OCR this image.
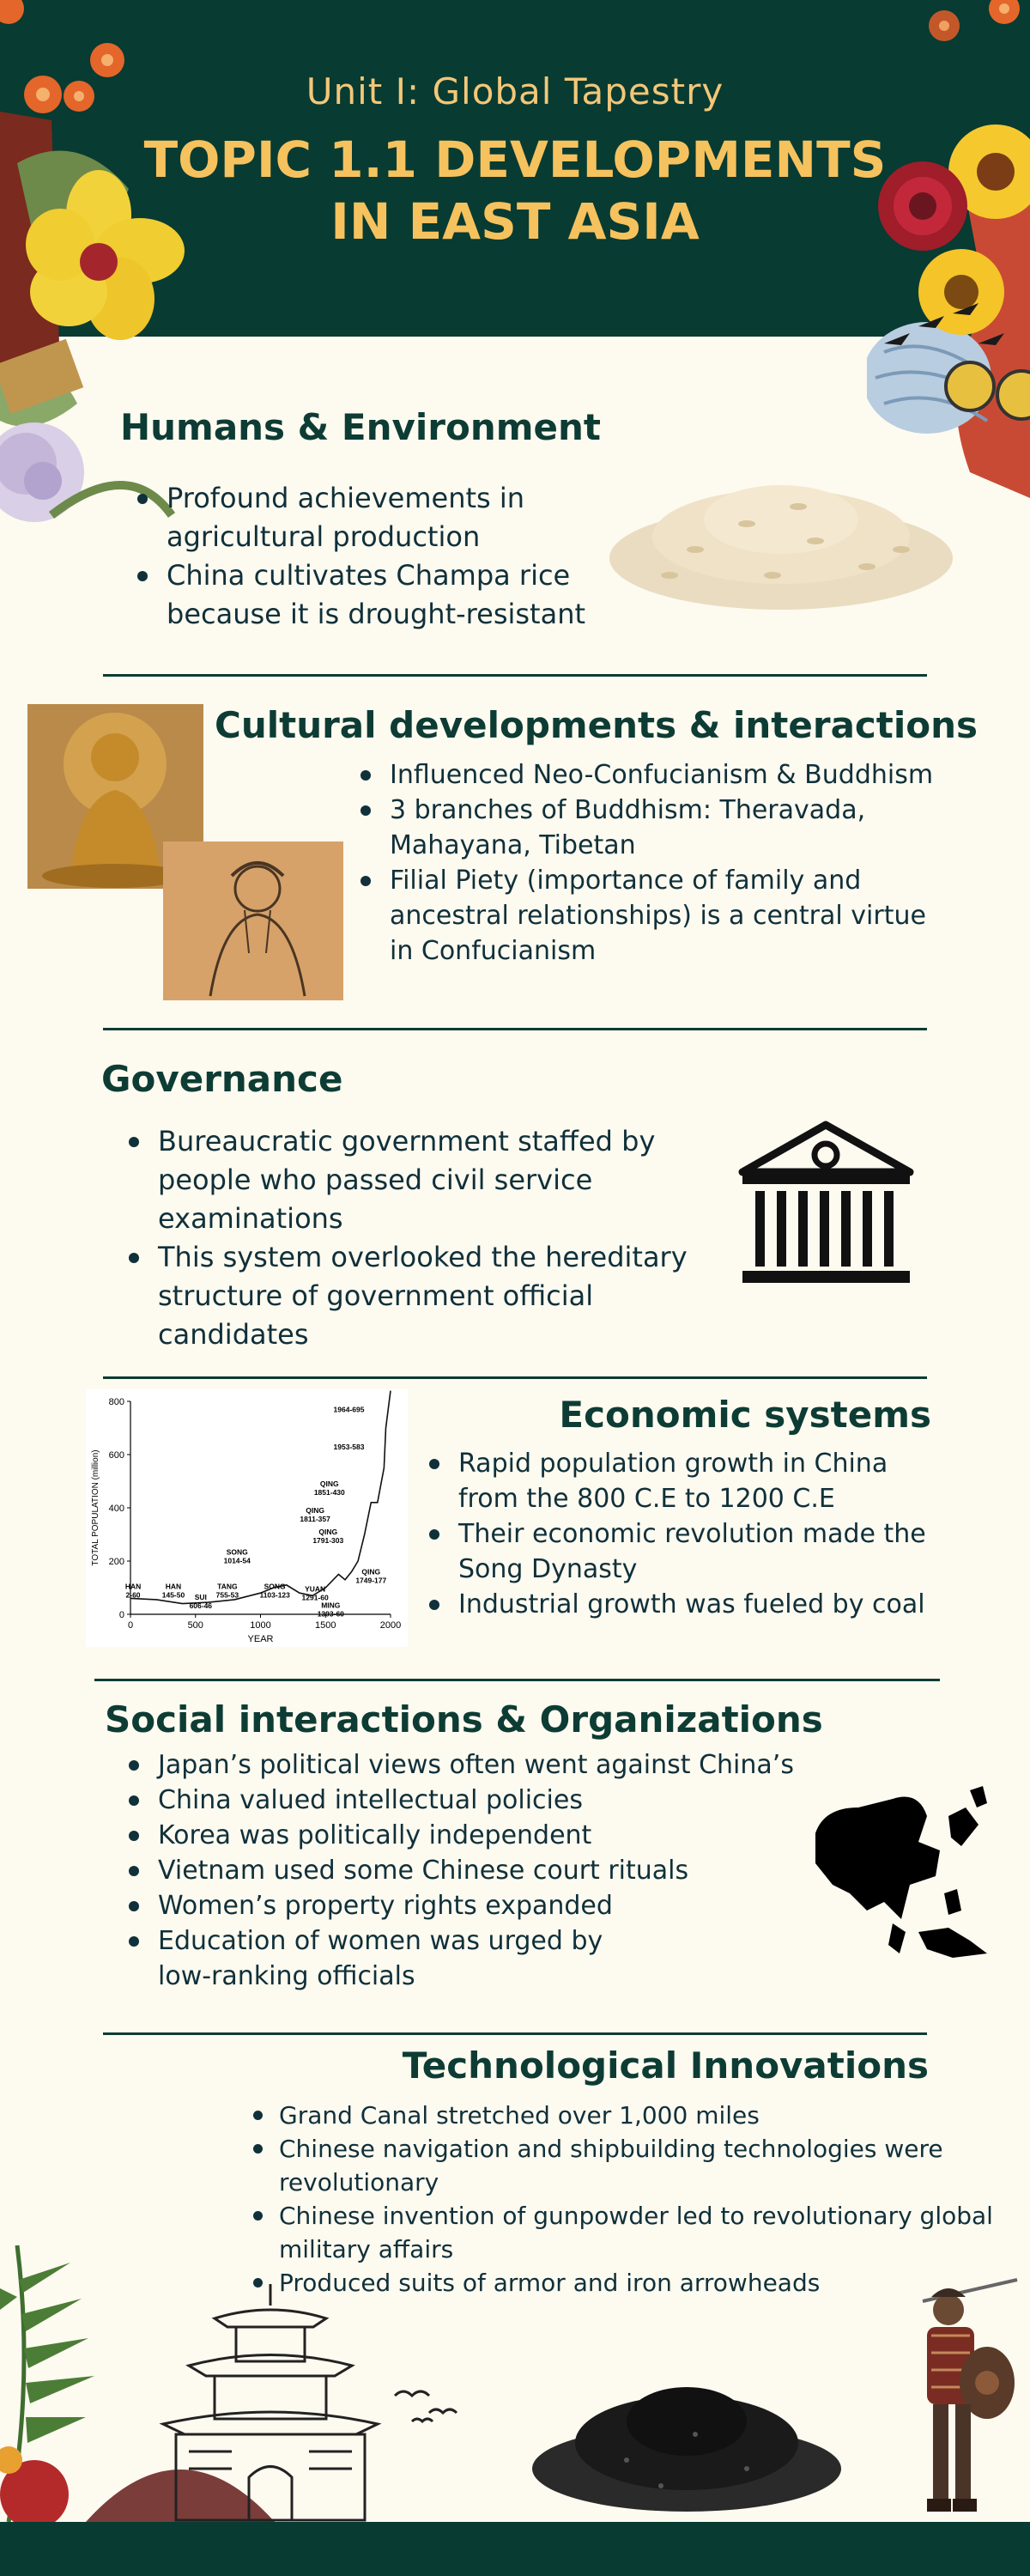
Unit I: Global Tapestry
TOPIC 1.1 DEVELOPMENTS IN EAST ASIA
Humans & Environment
Profound achievements in agricultural production
China cultivates Champa rice because it is drought-resistant
Cultural developments & interactions
Influenced Neo-Confucianism & Buddhism
3 branches of Buddhism: Theravada, Mahayana, Tibetan
Filial Piety (importance of family and ancestral relationships) is a central virtue in Confucianism
Governance
Bureaucratic government staffed by people who passed civil service examinations
This system overlooked the hereditary structure of government official candidates
0	500	1000	1500	2000
0
200
400
600
800
YEAR
TOTAL POPULATION (million)
HAN
2-60
HAN
145-50 SUI
606-46
TANG
755-53
SONG
1014-54
SONG
1103-123
YUAN
1291-60
MING
1393-60
QING
1749-177
QING
1791-303
QING
1811-357
QING
1851-430
1953-583
1964-695	Economic systems
Rapid population growth in China from the 800 C.E to 1200 C.E
Their economic revolution made the Song Dynasty
Industrial growth was fueled by coal
Social interactions & Organizations
Japan’s political views often went against China’s
China valued intellectual policies
Korea was politically independent
Vietnam used some Chinese court rituals
Women’s property rights expanded
Education of women was urged by low-ranking officials
Technological Innovations
Grand Canal stretched over 1,000 miles
Chinese navigation and shipbuilding technologies were revolutionary
Chinese invention of gunpowder led to revolutionary global military affairs
Produced suits of armor and iron arrowheads
